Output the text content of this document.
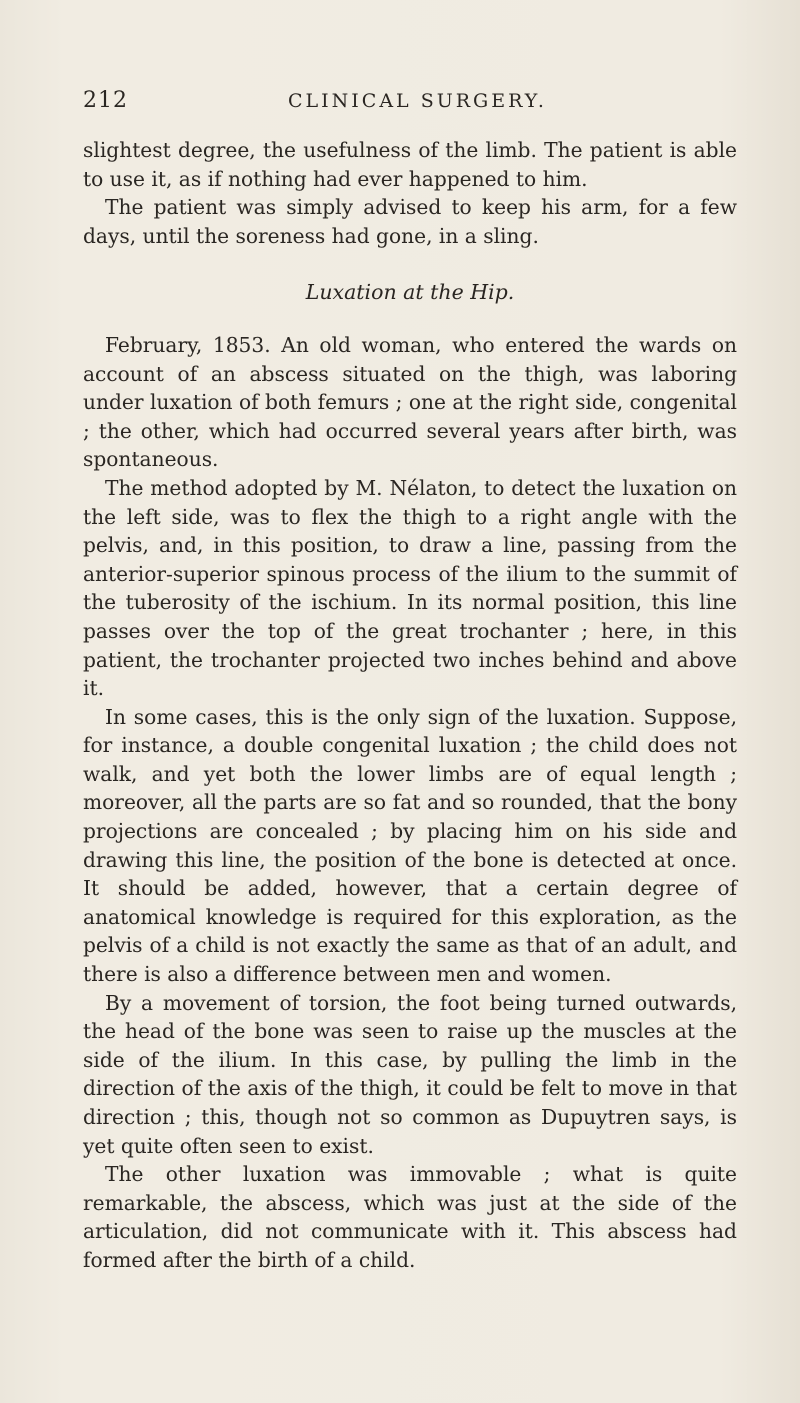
212	CLINICAL SURGERY.

slightest degree, the usefulness of the limb. The patient is able to use it, as if nothing had ever happened to him.

The patient was simply advised to keep his arm, for a few days, until the soreness had gone, in a sling.

Luxation at the Hip.

February, 1853. An old woman, who entered the wards on account of an abscess situated on the thigh, was laboring under luxation of both femurs ; one at the right side, congenital ; the other, which had occurred several years after birth, was spontaneous.

The method adopted by M. Nélaton, to detect the luxation on the left side, was to flex the thigh to a right angle with the pelvis, and, in this position, to draw a line, passing from the anterior-superior spinous process of the ilium to the summit of the tuberosity of the ischium. In its normal position, this line passes over the top of the great trochanter ; here, in this patient, the trochanter projected two inches behind and above it.

In some cases, this is the only sign of the luxation. Suppose, for instance, a double congenital luxation ; the child does not walk, and yet both the lower limbs are of equal length ; moreover, all the parts are so fat and so rounded, that the bony projections are concealed ; by placing him on his side and drawing this line, the position of the bone is detected at once. It should be added, however, that a certain degree of anatomical knowledge is required for this exploration, as the pelvis of a child is not exactly the same as that of an adult, and there is also a difference between men and women.

By a movement of torsion, the foot being turned outwards, the head of the bone was seen to raise up the muscles at the side of the ilium. In this case, by pulling the limb in the direction of the axis of the thigh, it could be felt to move in that direction ; this, though not so common as Dupuytren says, is yet quite often seen to exist.

The other luxation was immovable ; what is quite remarkable, the abscess, which was just at the side of the articulation, did not communicate with it. This abscess had formed after the birth of a child.
